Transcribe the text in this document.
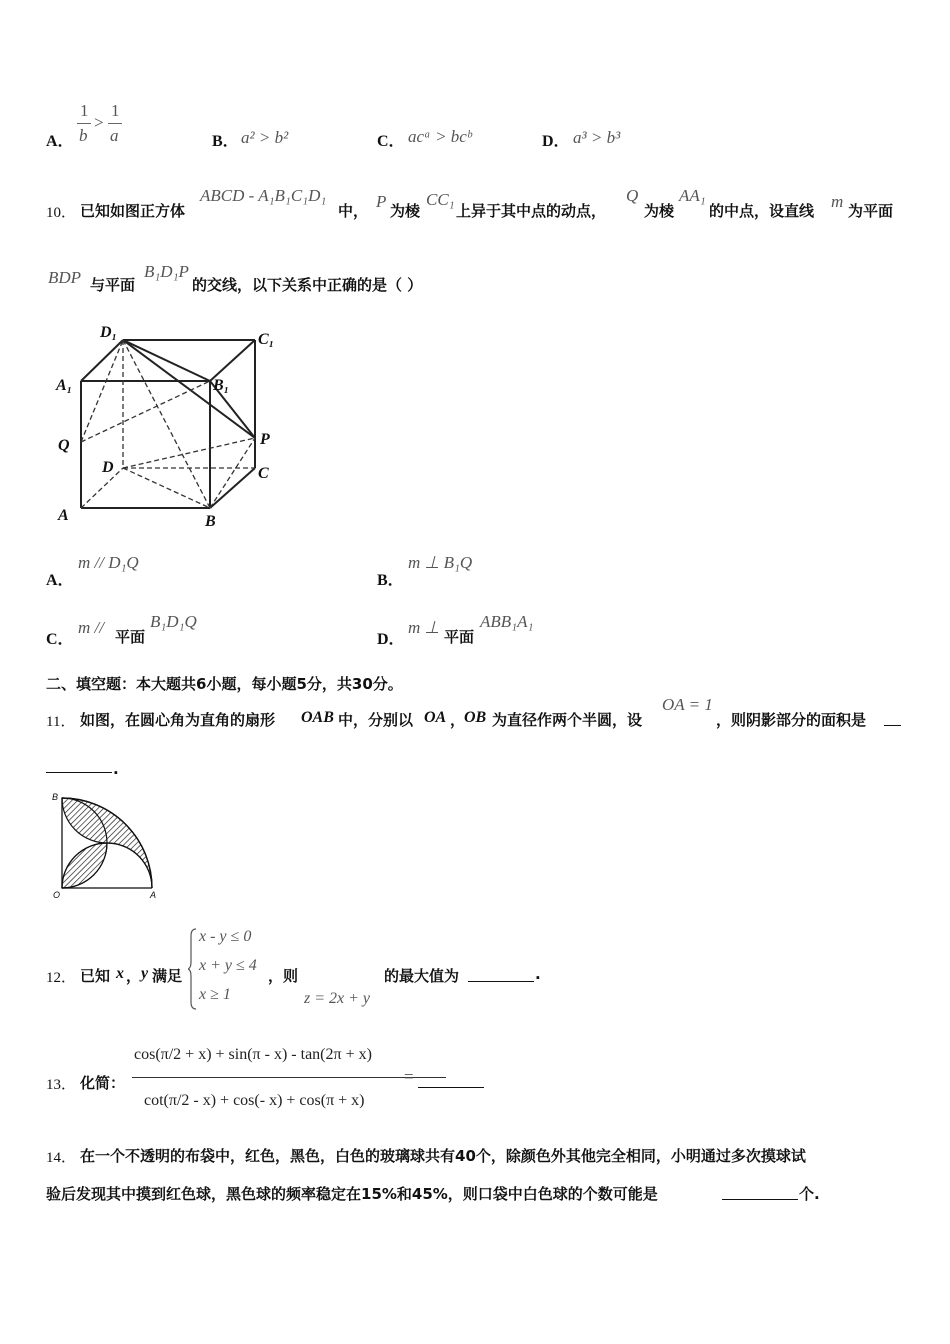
A．
1
b
>
1
a	B． a² > b²	C． acᵃ > bcᵇ	D． a³ > b³
10． 已知如图正方体
ABCD - A₁B₁C₁D₁
中， P 为棱
CC₁
上异于其中点的动点，
Q
为棱
AA₁
的中点，设直线 m 为平面
BDP 与平面
B₁D₁P
的交线，以下关系中正确的是（ ）
D₁	C₁
A₁	B₁
Q	P
D	C
A	B
A．
m // D₁Q
B．
m ⊥ B₁Q
C．
m // 平面
B₁D₁Q
D．
m ⊥ 平面
ABB₁A₁
二、填空题：本大题共6小题，每小题5分，共30分。
11． 如图，在圆心角为直角的扇形 OAB 中，分别以 OA ，
OB 为直径作两个半圆，设
OA = 1
，则阴影部分的面积是
.
B
O	A
12． 已知 x ， y 满足
x - y ≤ 0
x + y ≤ 4
x ≥ 1
，则
z = 2x + y
的最大值为	.
13． 化简：
cos(π/2 + x) + sin(π - x) - tan(2π + x)
cot(π/2 - x) + cos(- x) + cos(π + x)
=
14． 在一个不透明的布袋中，红色，黑色，白色的玻璃球共有40个，除颜色外其他完全相同，小明通过多次摸球试
验后发现其中摸到红色球，黑色球的频率稳定在15%和45%，则口袋中白色球的个数可能是	个.
